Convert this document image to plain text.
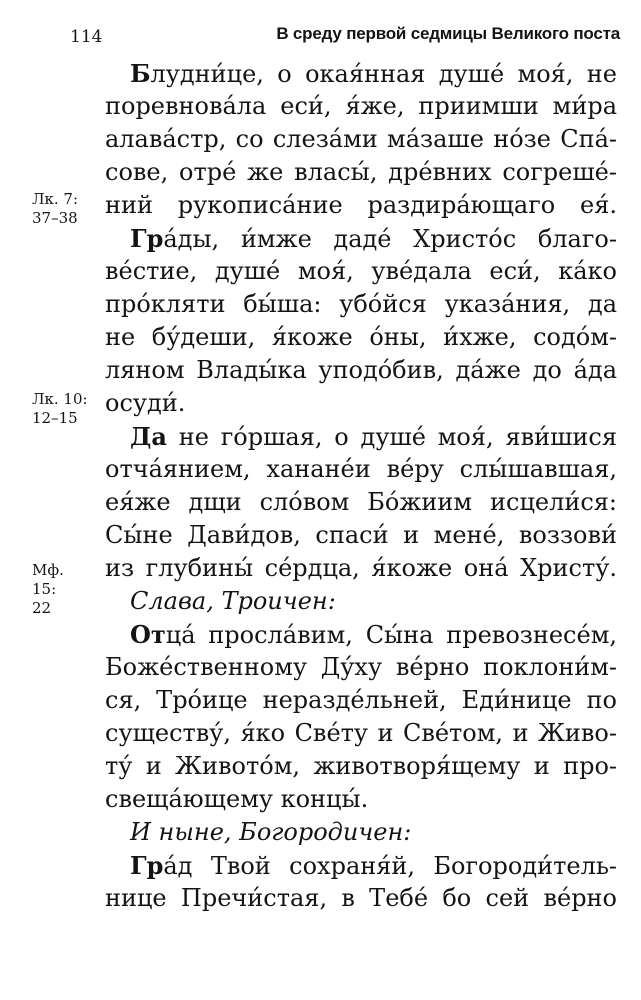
114	В среду первой седмицы Великого поста
Лк. 7:
37–38
Лк. 10:
12–15
Мф. 15:
22
Блудни́це, о окая́нная душе́ моя́, не
поревнова́ла еси́, я́же, приимши ми́ра
алава́стр, со слеза́ми ма́заше но́зе Спа́-
сове, отре́ же власы́, дре́вних согреше́-
ний рукописа́ние раздира́ющаго ея́.
Гра́ды, и́мже дадé Христо́с благо-
ве́стие, душе́ моя́, уве́дала еси́, ка́ко
про́кляти бы́ша: убо́йся указа́ния, да
не бу́деши, я́коже о́ны, и́хже, содо́м-
ляном Влады́ка уподо́бив, да́же до а́да
осуди́.
Да не го́ршая, о душе́ моя́, яви́шися
отча́янием, ханане́и ве́ру слы́шавшая,
ея́же дщи сло́вом Бо́жиим исцели́ся:
Сы́не Дави́дов, спаси́ и мене́, воззови́
из глубины́ се́рдца, я́коже она́ Христу́.
Слава, Троичен:
Отца́ просла́вим, Сы́на превознесе́м,
Боже́ственному Ду́ху ве́рно поклони́м-
ся, Тро́ице неразде́льней, Еди́нице по
существу́, я́ко Све́ту и Све́том, и Живо-
ту́ и Живото́м, животворя́щему и про-
свеща́ющему концы́.
И ныне, Богородичен:
Гра́д Твой сохраня́й, Богороди́тель-
нице Пречи́стая, в Тебе́ бо сей ве́рно
